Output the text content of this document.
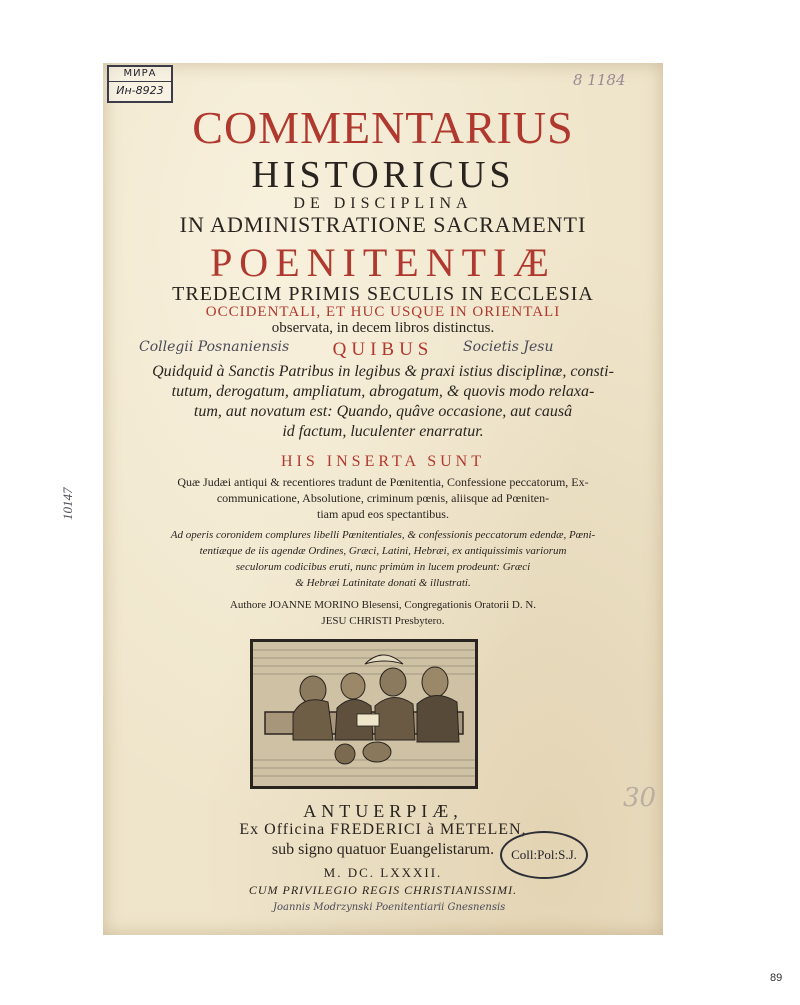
МИРА
Ин-8923
8 1184
COMMENTARIUS
HISTORICUS
DE DISCIPLINA
IN ADMINISTRATIONE SACRAMENTI
POENITENTIÆ
TREDECIM PRIMIS SECULIS IN ECCLESIA
OCCIDENTALI, ET HUC USQUE IN ORIENTALI
observata, in decem libros distinctus.
Collegii Posnaniensis	QUIBUS	Societis Jesu
Quidquid à Sanctis Patribus in legibus & praxi istius disciplinæ, consti-
tutum, derogatum, ampliatum, abrogatum, & quovis modo relaxa-
tum, aut novatum est: Quando, quâve occasione, aut causâ
id factum, luculenter enarratur.
HIS INSERTA SUNT
Quæ Judæi antiqui & recentiores tradunt de Pœnitentia, Confessione peccatorum, Ex-
communicatione, Absolutione, criminum pœnis, aliisque ad Pœniten-
tiam apud eos spectantibus.
Ad operis coronidem complures libelli Pœnitentiales, & confessionis peccatorum edendæ, Pœni-
tentiæque de iis agendæ Ordines, Græci, Latini, Hebræi, ex antiquissimis variorum
seculorum codicibus eruti, nunc primùm in lucem prodeunt: Græci
& Hebræi Latinitate donati & illustrati.
Authore JOANNE MORINO Blesensi, Congregationis Oratorii D. N.
JESU CHRISTI Presbytero.
ANTUERPIÆ,
Ex Officina FREDERICI à METELEN,
sub signo quatuor Euangelistarum.
M. DC. LXXXII.
CUM PRIVILEGIO REGIS CHRISTIANISSIMI.
Coll:Pol:S.J.
Joannis Modrzynski Poenitentiarii Gnesnensis
30
10147
89
